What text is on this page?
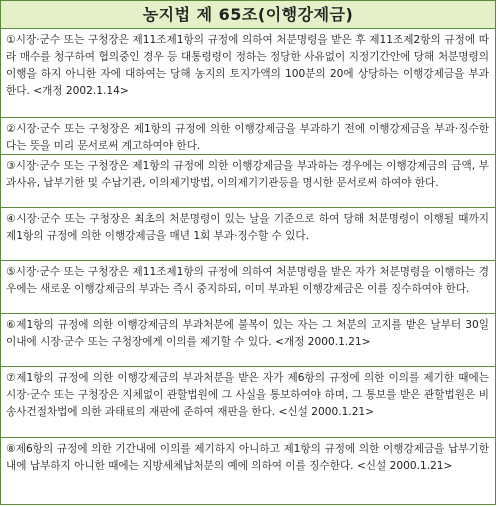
농지법 제 65조(이행강제금)
①시장·군수 또는 구청장은 제11조제1항의 규정에 의하여 처분명령을 받은 후 제11조제2항의 규정에 따라 매수를 청구하여 협의중인 경우 등 대통령령이 정하는 정당한 사유없이 지정기간안에 당해 처분명령의 이행을 하지 아니한 자에 대하여는 당해 농지의 토지가액의 100분의 20에 상당하는 이행강제금을 부과한다. <개정 2002.1.14>
②시장·군수 또는 구청장은 제1항의 규정에 의한 이행강제금을 부과하기 전에 이행강제금을 부과·징수한다는 뜻을 미리 문서로써 계고하여야 한다.
③시장·군수 또는 구청장은 제1항의 규정에 의한 이행강제금을 부과하는 경우에는 이행강제금의 금액, 부과사유, 납부기한 및 수납기관, 이의제기방법, 이의제기기관등을 명시한 문서로써 하여야 한다.
④시장·군수 또는 구청장은 최초의 처분명령이 있는 날을 기준으로 하여 당해 처분명령이 이행될 때까지 제1항의 규정에 의한 이행강제금을 매년 1회 부과·징수할 수 있다.
⑤시장·군수 또는 구청장은 제11조제1항의 규정에 의하여 처분명령을 받은 자가 처분명령을 이행하는 경우에는 새로운 이행강제금의 부과는 즉시 중지하되, 이미 부과된 이행강제금은 이를 징수하여야 한다.
⑥제1항의 규정에 의한 이행강제금의 부과처분에 불복이 있는 자는 그 처분의 고지를 받은 날부터 30일 이내에 시장·군수 또는 구청장에게 이의를 제기할 수 있다. <개정 2000.1.21>
⑦제1항의 규정에 의한 이행강제금의 부과처분을 받은 자가 제6항의 규정에 의한 이의를 제기한 때에는 시장·군수 또는 구청장은 지체없이 관할법원에 그 사실을 통보하여야 하며, 그 통보를 받은 관할법원은 비송사건절차법에 의한 과태료의 재판에 준하여 재판을 한다. <신설 2000.1.21>
⑧제6항의 규정에 의한 기간내에 이의를 제기하지 아니하고 제1항의 규정에 의한 이행강제금을 납부기한내에 납부하지 아니한 때에는 지방세체납처분의 예에 의하여 이를 징수한다. <신설 2000.1.21>
